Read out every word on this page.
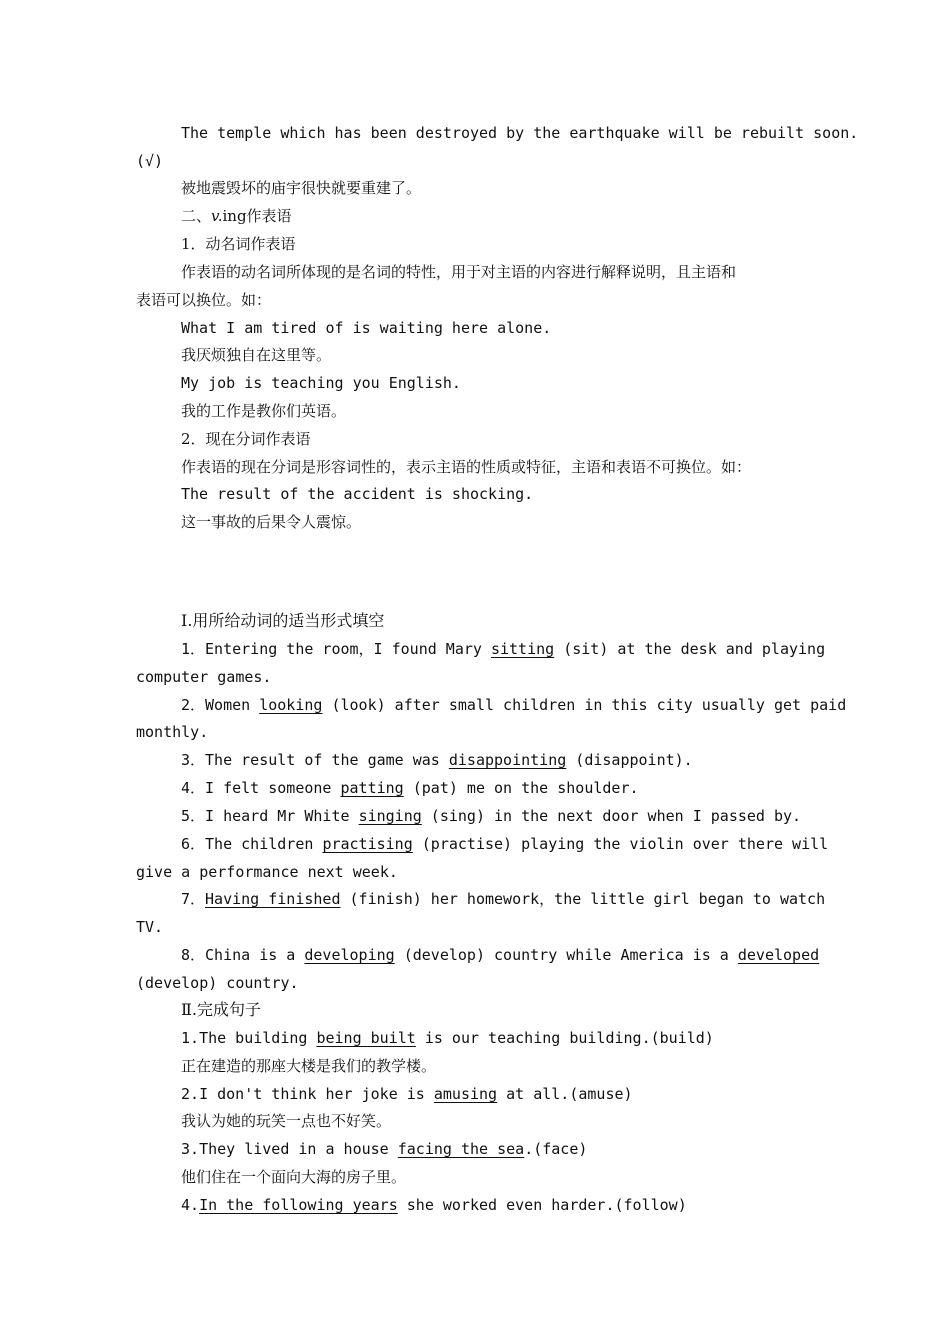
The temple which has been destroyed by the earthquake will be rebuilt soon.
(√)
被地震毁坏的庙宇很快就要重建了。
二、v.ing作表语
1．动名词作表语
作表语的动名词所体现的是名词的特性，用于对主语的内容进行解释说明，且主语和
表语可以换位。如：
What I am tired of is waiting here alone.
我厌烦独自在这里等。
My job is teaching you English.
我的工作是教你们英语。
2．现在分词作表语
作表语的现在分词是形容词性的，表示主语的性质或特征，主语和表语不可换位。如：
The result of the accident is shocking.
这一事故的后果令人震惊。
Ⅰ.用所给动词的适当形式填空
1．Entering the room，I found Mary sitting (sit) at the desk and playing
computer games.
2．Women looking (look) after small children in this city usually get paid
monthly.
3．The result of the game was disappointing (disappoint).
4．I felt someone patting (pat) me on the shoulder.
5．I heard Mr White singing (sing) in the next door when I passed by.
6．The children practising (practise) playing the violin over there will
give a performance next week.
7．Having finished (finish) her homework，the little girl began to watch
TV.
8．China is a developing (develop) country while America is a developed
(develop) country.
Ⅱ.完成句子
1.The building being built is our teaching building.(build)
正在建造的那座大楼是我们的教学楼。
2.I don't think her joke is amusing at all.(amuse)
我认为她的玩笑一点也不好笑。
3.They lived in a house facing the sea.(face)
他们住在一个面向大海的房子里。
4.In the following years she worked even harder.(follow)
